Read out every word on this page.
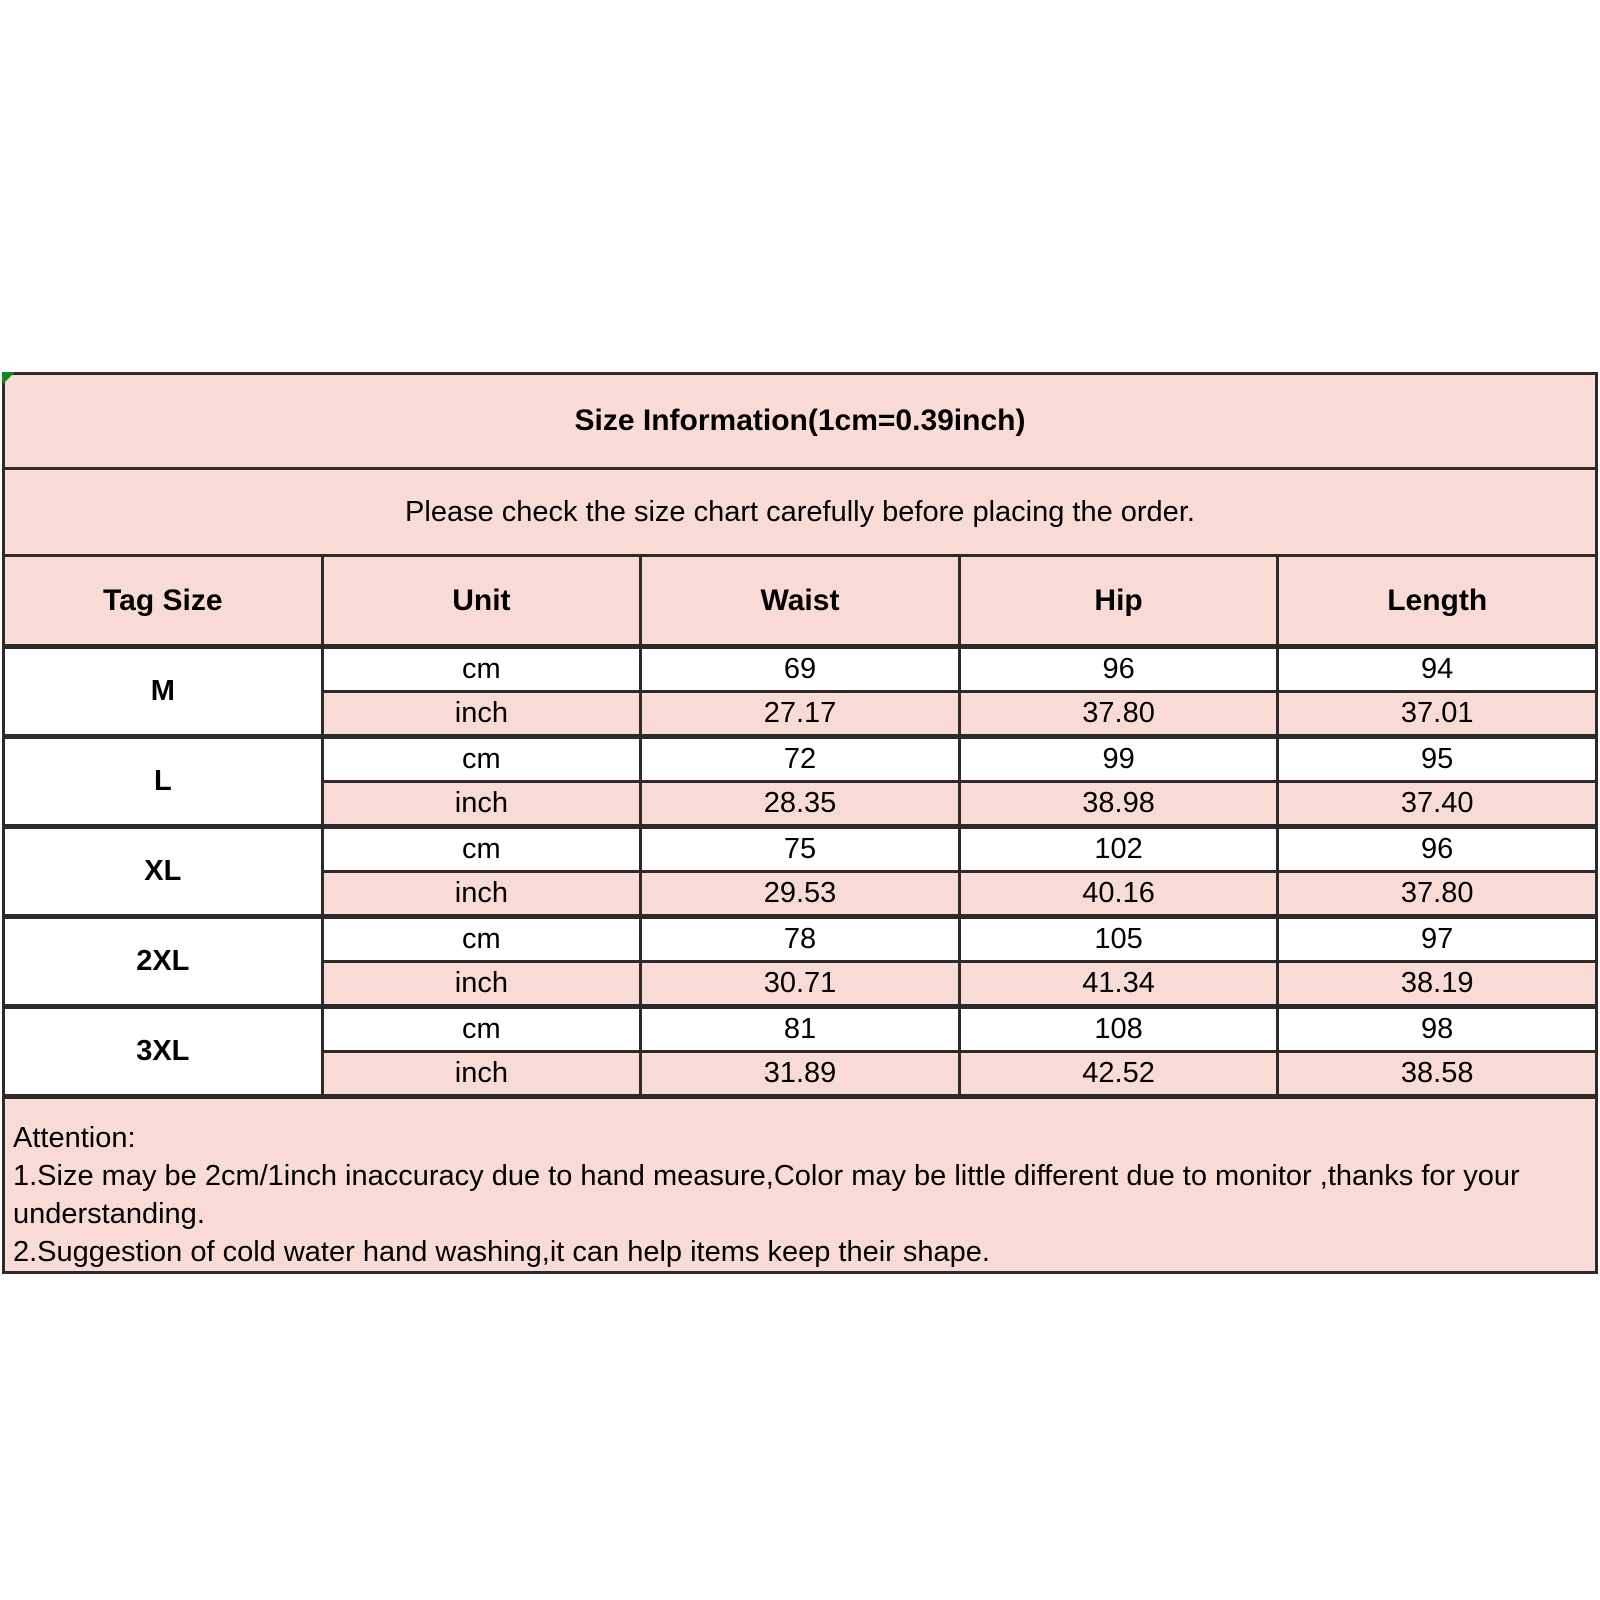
Size Information(1cm=0.39inch)				
Please check the size chart carefully before placing the order.				
Tag Size	Unit	Waist	Hip	Length
M	cm	69	96	94
	inch	27.17	37.80	37.01
L	cm	72	99	95
	inch	28.35	38.98	37.40
XL	cm	75	102	96
	inch	29.53	40.16	37.80
2XL	cm	78	105	97
	inch	30.71	41.34	38.19
3XL	cm	81	108	98
	inch	31.89	42.52	38.58

Attention:
1.Size may be 2cm/1inch inaccuracy due to hand measure,Color may be little different due to monitor ,thanks for your
understanding.
2.Suggestion of cold water hand washing,it can help items keep their shape.				
